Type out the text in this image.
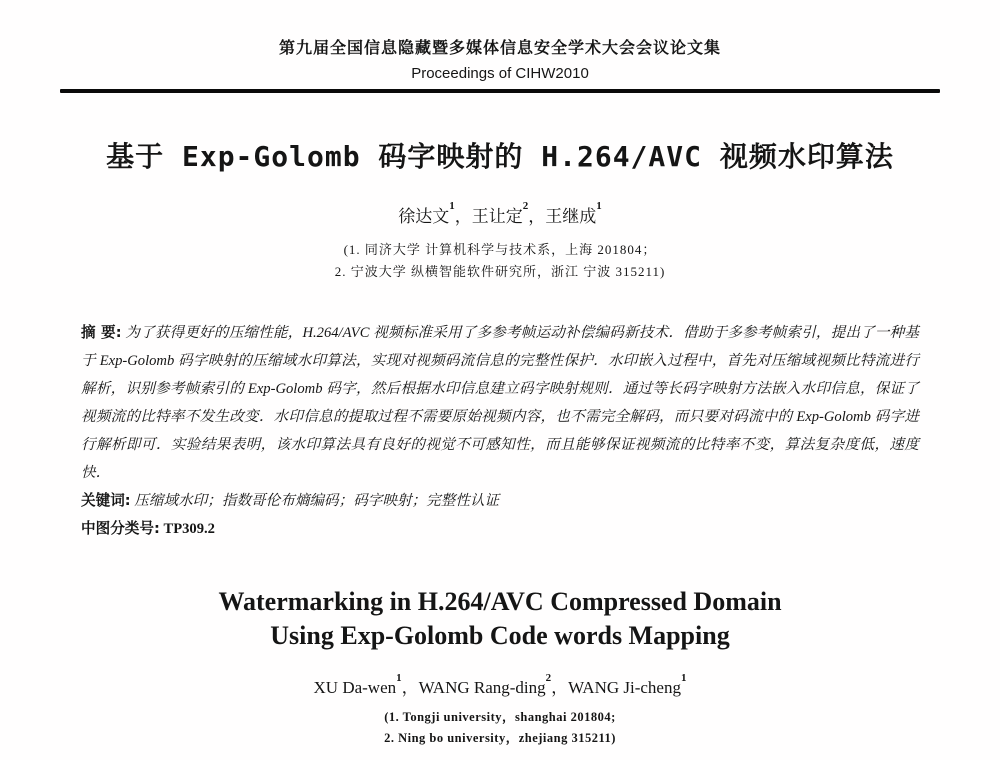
第九届全国信息隐藏暨多媒体信息安全学术大会会议论文集
Proceedings of CIHW2010
基于 Exp-Golomb 码字映射的 H.264/AVC 视频水印算法
徐达文$^1$，王让定$^2$，王继成$^1$
(1. 同济大学 计算机科学与技术系，上海 201804；
2. 宁波大学 纵横智能软件研究所，浙江 宁波 315211)
摘 要: 为了获得更好的压缩性能，H.264/AVC 视频标准采用了多参考帧运动补偿编码新技术．借助于多参考帧索引，提出了一种基于 Exp-Golomb 码字映射的压缩域水印算法，实现对视频码流信息的完整性保护．水印嵌入过程中，首先对压缩域视频比特流进行解析，识别参考帧索引的 Exp-Golomb 码字，然后根据水印信息建立码字映射规则．通过等长码字映射方法嵌入水印信息，保证了视频流的比特率不发生改变．水印信息的提取过程不需要原始视频内容，也不需完全解码，而只要对码流中的 Exp-Golomb 码字进行解析即可．实验结果表明，该水印算法具有良好的视觉不可感知性，而且能够保证视频流的比特率不变，算法复杂度低，速度快．
关键词: 压缩域水印；指数哥伦布熵编码；码字映射；完整性认证
中图分类号: TP309.2
Watermarking in H.264/AVC Compressed Domain
Using Exp-Golomb Code words Mapping
XU Da-wen$^1$，WANG Rang-ding$^2$，WANG Ji-cheng$^1$
(1. Tongji university，shanghai 201804;
2. Ning bo university，zhejiang 315211)
